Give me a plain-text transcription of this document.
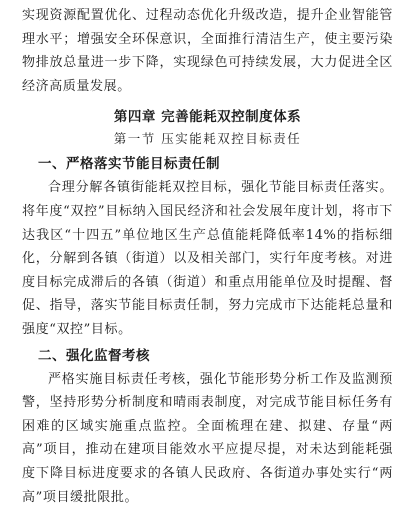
实现资源配置优化、过程动态优化升级改造，提升企业智能管理水平；增强安全环保意识，全面推行清洁生产，使主要污染物排放总量进一步下降，实现绿色可持续发展，大力促进全区经济高质量发展。

第四章 完善能耗双控制度体系
第一节 压实能耗双控目标责任
一、严格落实节能目标责任制

合理分解各镇街能耗双控目标，强化节能目标责任落实。将年度“双控”目标纳入国民经济和社会发展年度计划，将市下达我区“十四五”单位地区生产总值能耗降低率14%的指标细化，分解到各镇（街道）以及相关部门，实行年度考核。对进度目标完成滞后的各镇（街道）和重点用能单位及时提醒、督促、指导，落实节能目标责任制，努力完成市下达能耗总量和强度“双控”目标。

二、强化监督考核

严格实施目标责任考核，强化节能形势分析工作及监测预警，坚持形势分析制度和晴雨表制度，对完成节能目标任务有困难的区域实施重点监控。全面梳理在建、拟建、存量“两高”项目，推动在建项目能效水平应提尽提，对未达到能耗强度下降目标进度要求的各镇人民政府、各街道办事处实行“两高”项目缓批限批。
